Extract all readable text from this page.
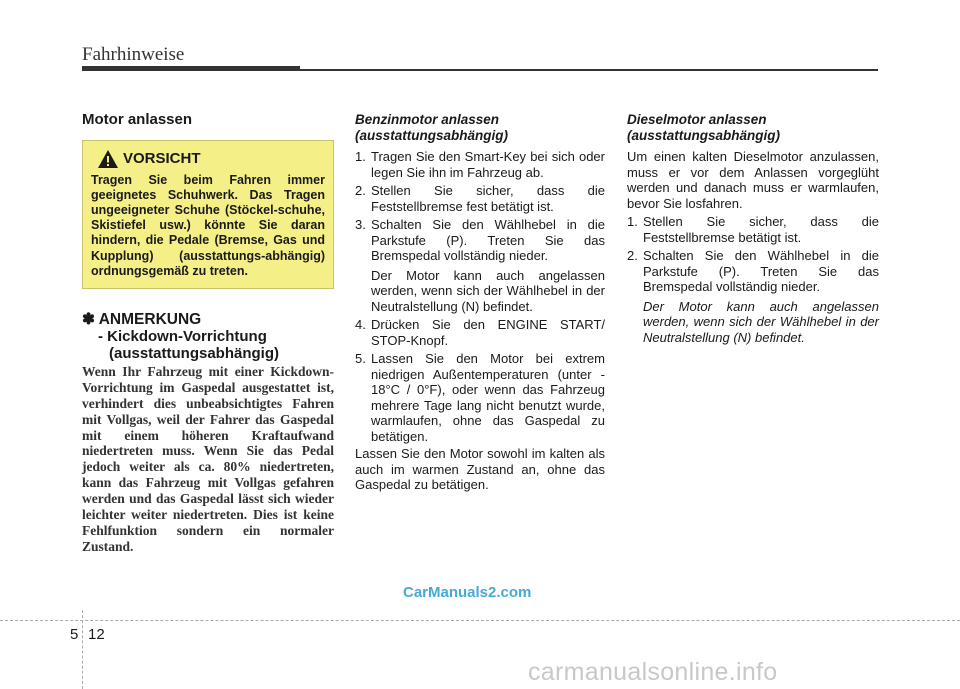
Fahrhinweise
Motor anlassen
VORSICHT
Tragen Sie beim Fahren immer geeignetes Schuhwerk. Das Tragen ungeeigneter Schuhe (Stöckel-schuhe, Skistiefel usw.) könnte Sie daran hindern, die Pedale (Bremse, Gas und Kupplung) (ausstattungs-abhängig) ordnungsgemäß zu treten.
✽ ANMERKUNG
- Kickdown-Vorrichtung
(ausstattungsabhängig)
Wenn Ihr Fahrzeug mit einer Kickdown-Vorrichtung im Gaspedal ausgestattet ist, verhindert dies unbeabsichtigtes Fahren mit Vollgas, weil der Fahrer das Gaspedal mit einem höheren Kraftaufwand niedertreten muss. Wenn Sie das Pedal jedoch weiter als ca. 80% niedertreten, kann das Fahrzeug mit Vollgas gefahren werden und das Gaspedal lässt sich wieder leichter weiter niedertreten. Dies ist keine Fehlfunktion sondern ein normaler Zustand.
Benzinmotor anlassen
(ausstattungsabhängig)
1. Tragen Sie den Smart-Key bei sich oder legen Sie ihn im Fahrzeug ab.
2. Stellen Sie sicher, dass die Feststellbremse fest betätigt ist.
3. Schalten Sie den Wählhebel in die Parkstufe (P). Treten Sie das Bremspedal vollständig nieder.
Der Motor kann auch angelassen werden, wenn sich der Wählhebel in der Neutralstellung (N) befindet.
4. Drücken Sie den ENGINE START/ STOP-Knopf.
5. Lassen Sie den Motor bei extrem niedrigen Außentemperaturen (unter - 18°C / 0°F), oder wenn das Fahrzeug mehrere Tage lang nicht benutzt wurde, warmlaufen, ohne das Gaspedal zu betätigen.
Lassen Sie den Motor sowohl im kalten als auch im warmen Zustand an, ohne das Gaspedal zu betätigen.
Dieselmotor anlassen
(ausstattungsabhängig)
Um einen kalten Dieselmotor anzulassen, muss er vor dem Anlassen vorgeglüht werden und danach muss er warmlaufen, bevor Sie losfahren.
1. Stellen Sie sicher, dass die Feststellbremse betätigt ist.
2. Schalten Sie den Wählhebel in die Parkstufe (P). Treten Sie das Bremspedal vollständig nieder.
Der Motor kann auch angelassen werden, wenn sich der Wählhebel in der Neutralstellung (N) befindet.
CarManuals2.com
5 12
carmanualsonline.info
